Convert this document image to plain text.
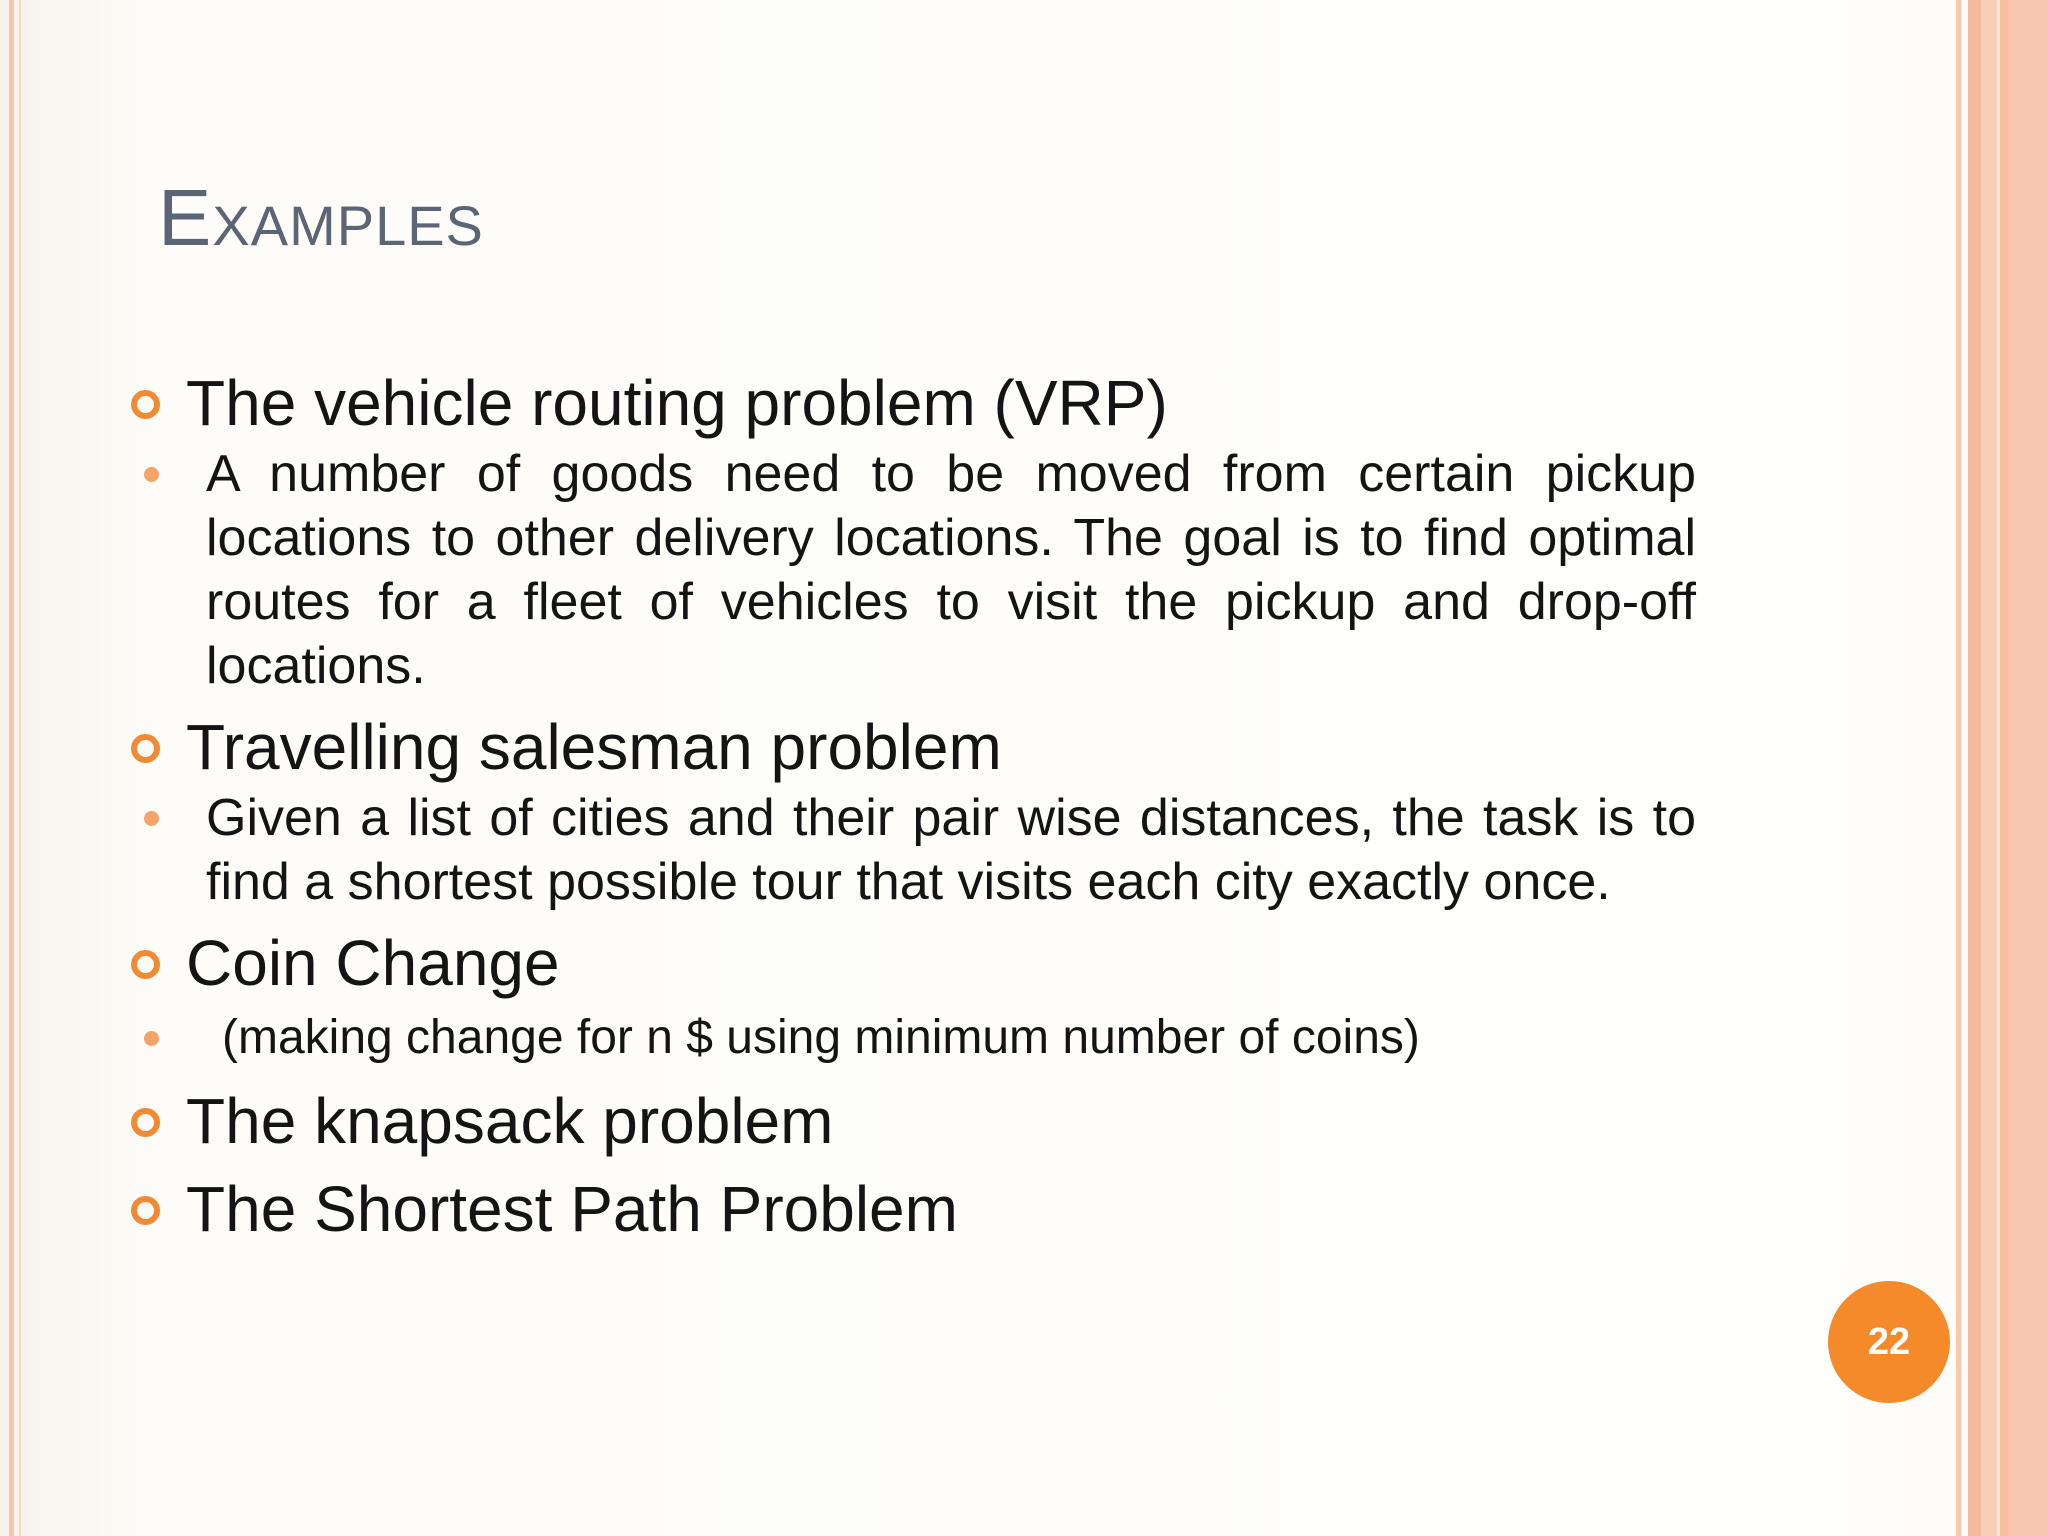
Examples
The vehicle routing problem (VRP)
A number of goods need to be moved from certain pickup locations to other delivery locations. The goal is to find optimal routes for a fleet of vehicles to visit the pickup and drop-off locations.
Travelling salesman problem
Given a list of cities and their pair wise distances, the task is to find a shortest possible tour that visits each city exactly once.
Coin Change
(making change for n $ using minimum number of coins)
The knapsack problem
The Shortest Path Problem
22
